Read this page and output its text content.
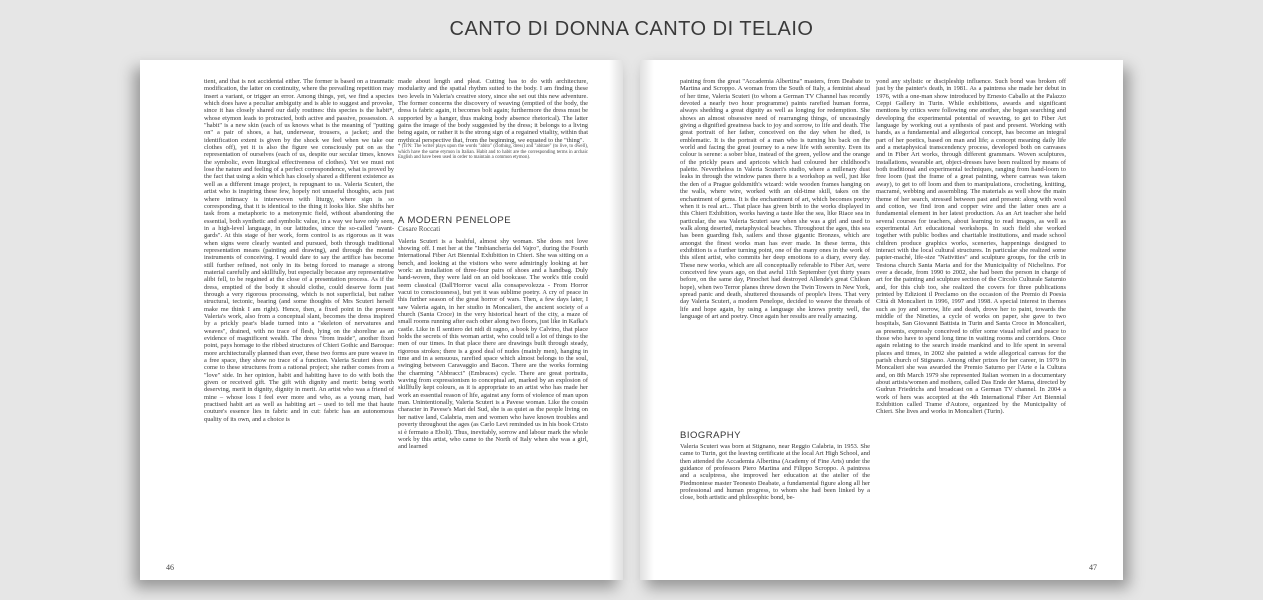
CANTO DI DONNA CANTO DI TELAIO

tient, and that is not accidental either. The former is based on a traumatic modification, the latter on continuity, where the prevailing repetition may insert a variant, or trigger an error. Among things, yet, we find a species which does have a peculiar ambiguity and is able to suggest and provoke, since it has closely shared our daily routines: this species is the habit*, whose etymon leads to protracted, both active and passive, possession. A "habit" is a new skin (each of us knows what is the meaning of "putting on" a pair of shoes, a hat, underwear, trousers, a jacket; and the identification extent is given by the shock we feel when we take our clothes off), yet it is also the figure we consciously put on as the representation of ourselves (each of us, despite our secular times, knows the symbolic, even liturgical effectiveness of clothes). Yet we must not lose the nature and feeling of a perfect correspondence, what is proved by the fact that using a skin which has closely shared a different existence as well as a different image project, is repugnant to us. Valeria Scuteri, the artist who is inspiring these few, hopely not unuseful thoughts, acts just where intimacy is interwoven with liturgy, where sign is so corresponding, that it is identical to the thing it looks like. She shifts her task from a metaphoric to a metonymic field, without abandoning the essential, both synthetic and symbolic value, in a way we have only seen, in a high-level language, in our latitudes, since the so-called "avant-gards". At this stage of her work, form control is as rigorous as it was when signs were clearly wanted and pursued, both through traditional representation means (painting and drawing), and through the mental instruments of conceiving. I would dare to say the artifice has become still further refined, not only in its being forced to manage a strong material carefully and skillfully, but especially because any representative alibi fell, to be regained at the close of a presentation process. As if the dress, emptied of the body it should clothe, could deserve form just through a very rigorous processing, which is not superficial, but rather structural, tectonic, bearing (and some thoughts of Mrs Scuteri herself make me think I am right). Hence, then, a fixed point in the present Valeria's work, also from a conceptual slant, becomes the dress inspired by a prickly pear's blade turned into a "skeleton of nervatures and weaves", drained, with no trace of flesh, lying on the shoreline as an evidence of magnificent wealth. The dress "from inside", another fixed point, pays homage to the ribbed structures of Chieri Gothic and Baroque: more architecturally planned than ever, these two forms are pure weave in a free space, they show no trace of a function. Valeria Scuteri does not come to these structures from a rational project; she rather comes from a "love" side. In her opinion, habit and habiting have to do with both the given or received gift. The gift with dignity and merit: being worth deserving, merit in dignity, dignity in merit. An artist who was a friend of mine – whose loss I feel ever more and who, as a young man, had practised habit art as well as habiting art – used to tell me that haute couture's essence lies in fabric and in cut: fabric has an autonomous quality of its own, and a choice is

made about length and pleat. Cutting has to do with architecture, modularity and the spatial rhythm suited to the body. I am finding these two levels in Valeria's creative story, since she set out this new adventure. The former concerns the discovery of weaving (emptied of the body, the dress is fabric again, it becomes bolt again; furthermore the dress must be supported by a hanger, thus making body absence rhetorical). The latter gains the image of the body suggested by the dress; it belongs to a living being again, or rather it is the strong sign of a regained vitality, within that mythical perspective that, from the beginning, we equated to the "thing".

* (TrN: The writer plays upon the words "abito" (clothing, dress) and "abitare" (to live, to dwell), which have the same etymon in Italian. Habit and to habit are the corresponding terms in archaic English and have been used in order to maintain a common etymon).

A MODERN PENELOPE
Cesare Roccati

Valeria Scuteri is a bashful, almost shy woman. She does not love showing off. I met her at the "Imbiancheria del Vajro", during the Fourth International Fiber Art Biennial Exhibition in Chieri. She was sitting on a bench, and looking at the visitors who were admiringly looking at her work: an installation of three-four pairs of shoes and a handbag. Duly hand-woven, they were laid on an old bookcase. The work's title could seem classical (Dall'Horror vacui alla consapevolezza - From Horror vacui to consciousness), but yet it was sublime poetry. A cry of peace in this further season of the great horror of wars. Then, a few days later, I saw Valeria again, in her studio in Moncalieri, the ancient society of a church (Santa Croce) in the very historical heart of the city, a maze of small rooms running after each other along two floors, just like in Kafka's castle. Like in Il sentiero dei nidi di ragno, a book by Calvino, that place holds the secrets of this woman artist, who could tell a lot of things to the men of our times. In that place there are drawings built through steady, rigorous strokes; there is a good deal of nudes (mainly men), hanging in time and in a sensuous, rarefied space which almost belongs to the soul, swinging between Caravaggio and Bacon. There are the works forming the charming "Abbracci" (Embraces) cycle. There are great portraits, waving from expressionism to conceptual art, marked by an explosion of skillfully kept colours, as it is appropriate to an artist who has made her work an essential reason of life, against any form of violence of man upon man. Unintentionally, Valeria Scuteri is a Pavese woman. Like the cousin character in Pavese's Mari del Sud, she is as quiet as the people living on her native land, Calabria, men and women who have known troubles and poverty throughout the ages (as Carlo Levi reminded us in his book Cristo si è fermato a Eboli). Thus, inevitably, sorrow and labour mark the whole work by this artist, who came to the North of Italy when she was a girl, and learned

46

painting from the great "Accademia Albertina" masters, from Deabate to Martina and Scroppo. A woman from the South of Italy, a feminist ahead of her time, Valeria Scuteri (to whom a German TV Channel has recently devoted a nearly two hour programme) paints rarefied human forms, always shedding a great dignity as well as longing for redemption. She shows an almost obsessive need of rearranging things, of unceasingly giving a dignified greatness back to joy and sorrow, to life and death. The great portrait of her father, conceived on the day when he died, is emblematic. It is the portrait of a man who is turning his back on the world and facing the great journey to a new life with serenity. Even its colour is serene: a sober blue, instead of the green, yellow and the orange of the prickly pears and apricots which had coloured her childhood's palette. Nevertheless in Valeria Scuteri's studio, where a millenary dust leaks in through the window panes there is a workshop as well, just like the den of a Prague goldsmith's wizard: wide wooden frames hanging on the walls, where wire, worked with an old-time skill, takes on the enchantment of gems. It is the enchantment of art, which becomes poetry when it is real art... That place has given birth to the works displayed in this Chieri Exhibition, works having a taste like the sea, like Riace sea in particular, the sea Valeria Scuteri saw when she was a girl and used to walk along deserted, metaphysical beaches. Throughout the ages, this sea has been guarding fish, sailers and those gigantic Bronzes, which are amongst the finest works man has ever made. In these terms, this exhibition is a further turning point, one of the many ones in the work of this silent artist, who commits her deep emotions to a diary, every day. These new works, which are all conceptually referable to Fiber Art, were conceived few years ago, on that awful 11th September (yet thirty years before, on the same day, Pinochet had destroyed Allende's great Chilean hope), when two Terror planes threw down the Twin Towers in New York, spread panic and death, shuttered thousands of people's lives. That very day Valeria Scuteri, a modern Penelope, decided to weave the threads of life and hope again, by using a language she knows pretty well, the language of art and poetry. Once again her results are really amazing.

BIOGRAPHY

Valeria Scuteri was born at Stignano, near Reggio Calabria, in 1953. She came to Turin, got the leaving certificate at the local Art High School, and then attended the Accademia Albertina (Academy of Fine Arts) under the guidance of professors Piero Martina and Filippo Scroppo. A paintress and a sculptress, she improved her education at the atelier of the Piedmontese master Teonesto Deabate, a fundamental figure along all her professional and human progress, to whom she had been linked by a close, both artistic and philosophic bond, be-

yond any stylistic or discipleship influence. Such bond was broken off just by the painter's death, in 1981. As a paintress she made her debut in 1976, with a one-man show introduced by Ernesto Caballo at the Palazzo Ceppi Gallery in Turin. While exhibitions, awards and significant mentions by critics were following one another, she began searching and developing the experimental potential of weaving, to get to Fiber Art language by working out a synthesis of past and present. Working with hands, as a fundamental and allegorical concept, has become an integral part of her poetics, based on man and life; a concept meaning daily life and a metaphysical transcendency process, developed both on canvases and in Fiber Art works, through different grammars. Woven sculptures, installations, wearable art, object-dresses have been realized by means of both traditional and experimental techniques, ranging from hand-loom to free loom (just the frame of a great painting, where canvas was taken away), to get to off loom and then to manipulations, crocheting, knitting, macramé, webbing and assembling. The materials as well show the main theme of her search, stressed between past and present: along with wool and cotton, we find iron and copper wire and the latter ones are a fundamental element in her latest production. As an Art teacher she held several courses for teachers, about learning to read images, as well as experimental Art educational workshops. In such field she worked together with public bodies and charitable institutions, and made school children produce graphics works, sceneries, happenings designed to interact with the local cultural structures. In particular she realized some papier-maché, life-size "Nativities" and sculpture groups, for the crib in Testona church Santa Maria and for the Municipality of Nichelino. For over a decade, from 1990 to 2002, she had been the person in charge of art for the painting and sculpture section of the Circolo Culturale Saturnio and, for this club too, she realized the covers for three publications printed by Edizioni il Preclamo on the occasion of the Premio di Poesia Città di Moncalieri in 1996, 1997 and 1998. A special interest in themes such as joy and sorrow, life and death, drove her to paint, towards the middle of the Nineties, a cycle of works on paper, she gave to two hospitals, San Giovanni Battista in Turin and Santa Croce in Moncalieri, as presents, expressly conceived to offer some visual relief and peace to those who have to spend long time in waiting rooms and corridors. Once again relating to the search inside mankind and to life spent in several places and times, in 2002 she painted a wide allegorical canvas for the parish church of Stignano. Among other prizes for her career, in 1979 in Moncalieri she was awarded the Premio Saturno per l'Arte e la Cultura and, on 8th March 1979 she represented Italian women in a documentary about artists/women and mothers, called Das Ende der Mama, directed by Gudrun Friedrichs and broadcast on a German TV channel. In 2004 a work of hers was accepted at the 4th International Fiber Art Biennial Exhibition called Trame d'Autore, organized by the Municipality of Chieri. She lives and works in Moncalieri (Turin).

47
